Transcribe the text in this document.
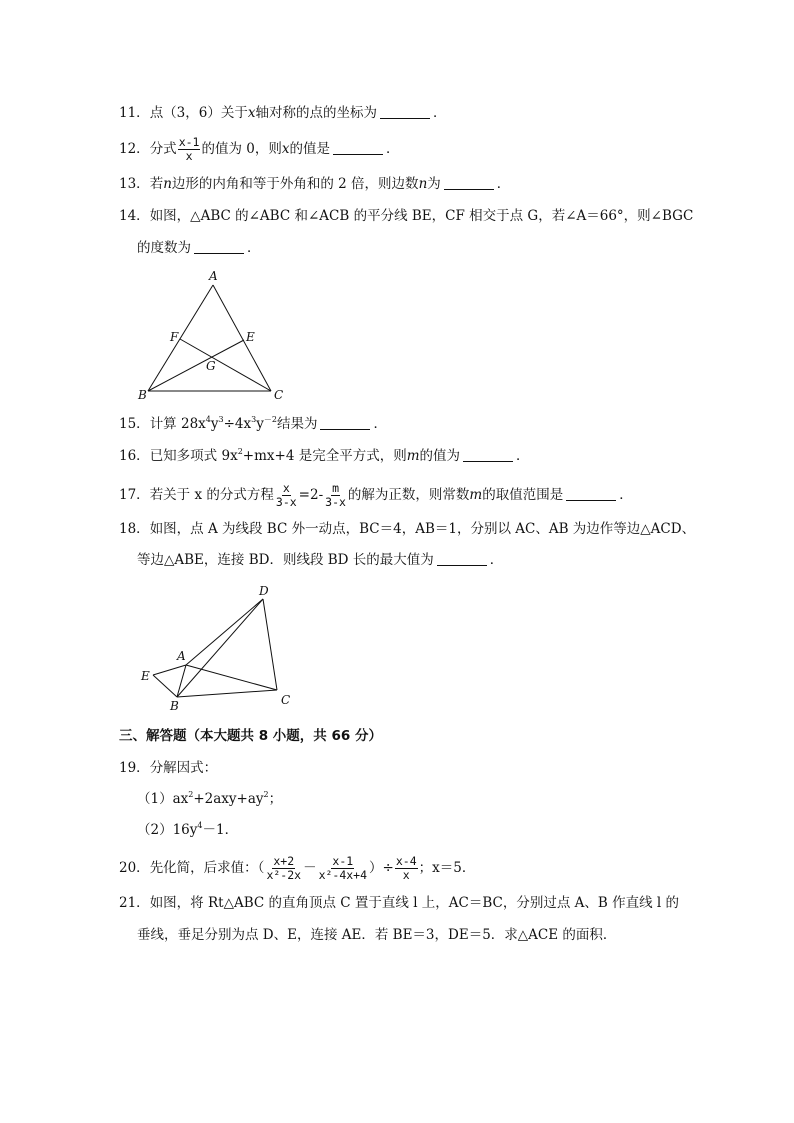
11．点（3，6）关于x轴对称的点的坐标为	．
12．分式 $\frac{x-1}{x}$ 的值为 0，则x的值是	．
13．若n边形的内角和等于外角和的 2 倍，则边数n为	．
14．如图，△ABC 的∠ABC 和∠ACB 的平分线 BE，CF 相交于点 G，若∠A＝66°，则∠BGC
的度数为	．
A
F	E
G
B	C
15．计算 $28x^4y^3\div 4x^3y^{-2}$结果为	．
16．已知多项式 $9x^2+mx+4$ 是完全平方式，则m的值为	．
17．若关于 x 的分式方程 $\frac{x}{3-x} =2- \frac{m}{3-x}$ 的解为正数，则常数m的取值范围是	．
18．如图，点 A 为线段 BC 外一动点，BC＝4，AB＝1，分别以 AC、AB 为边作等边△ACD、
等边△ABE，连接 BD．则线段 BD 长的最大值为	．
D
A
E
B	C
三、解答题（本大题共 8 小题，共 66 分）
19．分解因式：
$(1)ax^2+2axy+ay^2$；
$(2)16y^4-1$．
20．先化简，后求值：（ $\frac{x+2}{\text{x²-2x}} - \frac{x-1}{\text{x²-4x+4}}$ ）÷ $\frac{x-4}{x}$ ；x＝5．
21．如图，将 Rt△ABC 的直角顶点 C 置于直线 l 上，AC＝BC，分别过点 A、B 作直线 l 的
垂线，垂足分别为点 D、E，连接 AE．若 BE＝3，DE＝5．求△ACE 的面积．
